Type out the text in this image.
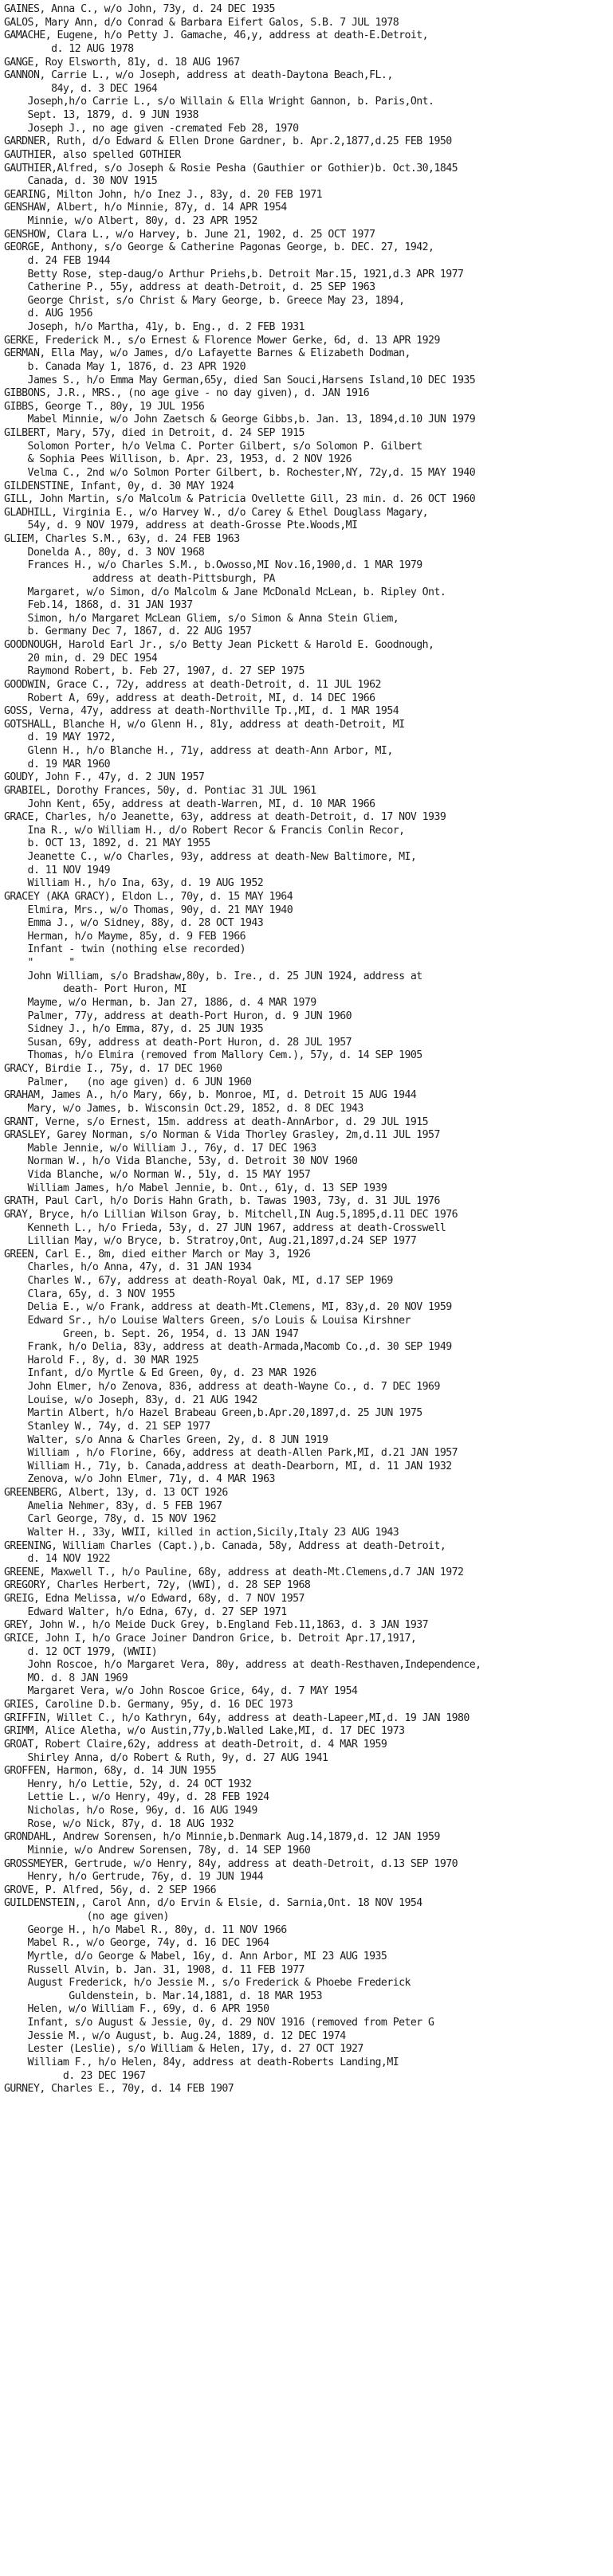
GAINES, Anna C., w/o John, 73y, d. 24 DEC 1935
GALOS, Mary Ann, d/o Conrad & Barbara Eifert Galos, S.B. 7 JUL 1978
GAMACHE, Eugene, h/o Petty J. Gamache, 46,y, address at death-E.Detroit,
d. 12 AUG 1978
GANGE, Roy Elsworth, 81y, d. 18 AUG 1967
GANNON, Carrie L., w/o Joseph, address at death-Daytona Beach,FL.,
84y, d. 3 DEC 1964
Joseph,h/o Carrie L., s/o Willain & Ella Wright Gannon, b. Paris,Ont.
Sept. 13, 1879, d. 9 JUN 1938
Joseph J., no age given -cremated Feb 28, 1970
GARDNER, Ruth, d/o Edward & Ellen Drone Gardner, b. Apr.2,1877,d.25 FEB 1950
GAUTHIER, also spelled GOTHIER
GAUTHIER,Alfred, s/o Joseph & Rosie Pesha (Gauthier or Gothier)b. Oct.30,1845
Canada, d. 30 NOV 1915
GEARING, Milton John, h/o Inez J., 83y, d. 20 FEB 1971
GENSHAW, Albert, h/o Minnie, 87y, d. 14 APR 1954
Minnie, w/o Albert, 80y, d. 23 APR 1952
GENSHOW, Clara L., w/o Harvey, b. June 21, 1902, d. 25 OCT 1977
GEORGE, Anthony, s/o George & Catherine Pagonas George, b. DEC. 27, 1942,
d. 24 FEB 1944
Betty Rose, step-daug/o Arthur Priehs,b. Detroit Mar.15, 1921,d.3 APR 1977
Catherine P., 55y, address at death-Detroit, d. 25 SEP 1963
George Christ, s/o Christ & Mary George, b. Greece May 23, 1894,
d. AUG 1956
Joseph, h/o Martha, 41y, b. Eng., d. 2 FEB 1931
GERKE, Frederick M., s/o Ernest & Florence Mower Gerke, 6d, d. 13 APR 1929
GERMAN, Ella May, w/o James, d/o Lafayette Barnes & Elizabeth Dodman,
b. Canada May 1, 1876, d. 23 APR 1920
James S., h/o Emma May German,65y, died San Souci,Harsens Island,10 DEC 1935
GIBBONS, J.R., MRS., (no age give - no day given), d. JAN 1916
GIBBS, George T., 80y, 19 JUL 1956
Mabel Minnie, w/o John Zaetsch & George Gibbs,b. Jan. 13, 1894,d.10 JUN 1979
GILBERT, Mary, 57y, died in Detroit, d. 24 SEP 1915
Solomon Porter, h/o Velma C. Porter Gilbert, s/o Solomon P. Gilbert
& Sophia Pees Willison, b. Apr. 23, 1953, d. 2 NOV 1926
Velma C., 2nd w/o Solmon Porter Gilbert, b. Rochester,NY, 72y,d. 15 MAY 1940
GILDENSTINE, Infant, 0y, d. 30 MAY 1924
GILL, John Martin, s/o Malcolm & Patricia Ovellette Gill, 23 min. d. 26 OCT 1960
GLADHILL, Virginia E., w/o Harvey W., d/o Carey & Ethel Douglass Magary,
54y, d. 9 NOV 1979, address at death-Grosse Pte.Woods,MI
GLIEM, Charles S.M., 63y, d. 24 FEB 1963
Donelda A., 80y, d. 3 NOV 1968
Frances H., w/o Charles S.M., b.Owosso,MI Nov.16,1900,d. 1 MAR 1979
address at death-Pittsburgh, PA
Margaret, w/o Simon, d/o Malcolm & Jane McDonald McLean, b. Ripley Ont.
Feb.14, 1868, d. 31 JAN 1937
Simon, h/o Margaret McLean Gliem, s/o Simon & Anna Stein Gliem,
b. Germany Dec 7, 1867, d. 22 AUG 1957
GOODNOUGH, Harold Earl Jr., s/o Betty Jean Pickett & Harold E. Goodnough,
20 min, d. 29 DEC 1954
Raymond Robert, b. Feb 27, 1907, d. 27 SEP 1975
GOODWIN, Grace C., 72y, address at death-Detroit, d. 11 JUL 1962
Robert A, 69y, address at death-Detroit, MI, d. 14 DEC 1966
GOSS, Verna, 47y, address at death-Northville Tp.,MI, d. 1 MAR 1954
GOTSHALL, Blanche H, w/o Glenn H., 81y, address at death-Detroit, MI
d. 19 MAY 1972,
Glenn H., h/o Blanche H., 71y, address at death-Ann Arbor, MI,
d. 19 MAR 1960
GOUDY, John F., 47y, d. 2 JUN 1957
GRABIEL, Dorothy Frances, 50y, d. Pontiac 31 JUL 1961
John Kent, 65y, address at death-Warren, MI, d. 10 MAR 1966
GRACE, Charles, h/o Jeanette, 63y, address at death-Detroit, d. 17 NOV 1939
Ina R., w/o William H., d/o Robert Recor & Francis Conlin Recor,
b. OCT 13, 1892, d. 21 MAY 1955
Jeanette C., w/o Charles, 93y, address at death-New Baltimore, MI,
d. 11 NOV 1949
William H., h/o Ina, 63y, d. 19 AUG 1952
GRACEY (AKA GRACY), Eldon L., 70y, d. 15 MAY 1964
Elmira, Mrs., w/o Thomas, 90y, d. 21 MAY 1940
Emma J., w/o Sidney, 88y, d. 28 OCT 1943
Herman, h/o Mayme, 85y, d. 9 FEB 1966
Infant - twin (nothing else recorded)
"      "
John William, s/o Bradshaw,80y, b. Ire., d. 25 JUN 1924, address at
death- Port Huron, MI
Mayme, w/o Herman, b. Jan 27, 1886, d. 4 MAR 1979
Palmer, 77y, address at death-Port Huron, d. 9 JUN 1960
Sidney J., h/o Emma, 87y, d. 25 JUN 1935
Susan, 69y, address at death-Port Huron, d. 28 JUL 1957
Thomas, h/o Elmira (removed from Mallory Cem.), 57y, d. 14 SEP 1905
GRACY, Birdie I., 75y, d. 17 DEC 1960
Palmer,   (no age given) d. 6 JUN 1960
GRAHAM, James A., h/o Mary, 66y, b. Monroe, MI, d. Detroit 15 AUG 1944
Mary, w/o James, b. Wisconsin Oct.29, 1852, d. 8 DEC 1943
GRANT, Verne, s/o Ernest, 15m. address at death-AnnArbor, d. 29 JUL 1915
GRASLEY, Garey Norman, s/o Norman & Vida Thorley Grasley, 2m,d.11 JUL 1957
Mable Jennie, w/o William J., 76y, d. 17 DEC 1963
Norman W., h/o Vida Blanche, 53y, d. Detroit 30 NOV 1960
Vida Blanche, w/o Norman W., 51y, d. 15 MAY 1957
William James, h/o Mabel Jennie, b. Ont., 61y, d. 13 SEP 1939
GRATH, Paul Carl, h/o Doris Hahn Grath, b. Tawas 1903, 73y, d. 31 JUL 1976
GRAY, Bryce, h/o Lillian Wilson Gray, b. Mitchell,IN Aug.5,1895,d.11 DEC 1976
Kenneth L., h/o Frieda, 53y, d. 27 JUN 1967, address at death-Crosswell
Lillian May, w/o Bryce, b. Stratroy,Ont, Aug.21,1897,d.24 SEP 1977
GREEN, Carl E., 8m, died either March or May 3, 1926
Charles, h/o Anna, 47y, d. 31 JAN 1934
Charles W., 67y, address at death-Royal Oak, MI, d.17 SEP 1969
Clara, 65y, d. 3 NOV 1955
Delia E., w/o Frank, address at death-Mt.Clemens, MI, 83y,d. 20 NOV 1959
Edward Sr., h/o Louise Walters Green, s/o Louis & Louisa Kirshner
Green, b. Sept. 26, 1954, d. 13 JAN 1947
Frank, h/o Delia, 83y, address at death-Armada,Macomb Co.,d. 30 SEP 1949
Harold F., 8y, d. 30 MAR 1925
Infant, d/o Myrtle & Ed Green, 0y, d. 23 MAR 1926
John Elmer, h/o Zenova, 836, address at death-Wayne Co., d. 7 DEC 1969
Louise, w/o Joseph, 83y, d. 21 AUG 1942
Martin Albert, h/o Hazel Brabeau Green,b.Apr.20,1897,d. 25 JUN 1975
Stanley W., 74y, d. 21 SEP 1977
Walter, s/o Anna & Charles Green, 2y, d. 8 JUN 1919
William , h/o Florine, 66y, address at death-Allen Park,MI, d.21 JAN 1957
William H., 71y, b. Canada,address at death-Dearborn, MI, d. 11 JAN 1932
Zenova, w/o John Elmer, 71y, d. 4 MAR 1963
GREENBERG, Albert, 13y, d. 13 OCT 1926
Amelia Nehmer, 83y, d. 5 FEB 1967
Carl George, 78y, d. 15 NOV 1962
Walter H., 33y, WWII, killed in action,Sicily,Italy 23 AUG 1943
GREENING, William Charles (Capt.),b. Canada, 58y, Address at death-Detroit,
d. 14 NOV 1922
GREENE, Maxwell T., h/o Pauline, 68y, address at death-Mt.Clemens,d.7 JAN 1972
GREGORY, Charles Herbert, 72y, (WWI), d. 28 SEP 1968
GREIG, Edna Melissa, w/o Edward, 68y, d. 7 NOV 1957
Edward Walter, h/o Edna, 67y, d. 27 SEP 1971
GREY, John W., h/o Meide Duck Grey, b.England Feb.11,1863, d. 3 JAN 1937
GRICE, John I, h/o Grace Joiner Dandron Grice, b. Detroit Apr.17,1917,
d. 12 OCT 1979, (WWII)
John Roscoe, h/o Margaret Vera, 80y, address at death-Resthaven,Independence,
MO. d. 8 JAN 1969
Margaret Vera, w/o John Roscoe Grice, 64y, d. 7 MAY 1954
GRIES, Caroline D.b. Germany, 95y, d. 16 DEC 1973
GRIFFIN, Willet C., h/o Kathryn, 64y, address at death-Lapeer,MI,d. 19 JAN 1980
GRIMM, Alice Aletha, w/o Austin,77y,b.Walled Lake,MI, d. 17 DEC 1973
GROAT, Robert Claire,62y, address at death-Detroit, d. 4 MAR 1959
Shirley Anna, d/o Robert & Ruth, 9y, d. 27 AUG 1941
GROFFEN, Harmon, 68y, d. 14 JUN 1955
Henry, h/o Lettie, 52y, d. 24 OCT 1932
Lettie L., w/o Henry, 49y, d. 28 FEB 1924
Nicholas, h/o Rose, 96y, d. 16 AUG 1949
Rose, w/o Nick, 87y, d. 18 AUG 1932
GRONDAHL, Andrew Sorensen, h/o Minnie,b.Denmark Aug.14,1879,d. 12 JAN 1959
Minnie, w/o Andrew Sorensen, 78y, d. 14 SEP 1960
GROSSMEYER, Gertrude, w/o Henry, 84y, address at death-Detroit, d.13 SEP 1970
Henry, h/o Gertrude, 76y, d. 19 JUN 1944
GROVE, P. Alfred, 56y, d. 2 SEP 1966
GUILDENSTEIN,, Carol Ann, d/o Ervin & Elsie, d. Sarnia,Ont. 18 NOV 1954
(no age given)
George H., h/o Mabel R., 80y, d. 11 NOV 1966
Mabel R., w/o George, 74y, d. 16 DEC 1964
Myrtle, d/o George & Mabel, 16y, d. Ann Arbor, MI 23 AUG 1935
Russell Alvin, b. Jan. 31, 1908, d. 11 FEB 1977
August Frederick, h/o Jessie M., s/o Frederick & Phoebe Frederick
Guldenstein, b. Mar.14,1881, d. 18 MAR 1953
Helen, w/o William F., 69y, d. 6 APR 1950
Infant, s/o August & Jessie, 0y, d. 29 NOV 1916 (removed from Peter G
Jessie M., w/o August, b. Aug.24, 1889, d. 12 DEC 1974
Lester (Leslie), s/o William & Helen, 17y, d. 27 OCT 1927
William F., h/o Helen, 84y, address at death-Roberts Landing,MI
d. 23 DEC 1967
GURNEY, Charles E., 70y, d. 14 FEB 1907
